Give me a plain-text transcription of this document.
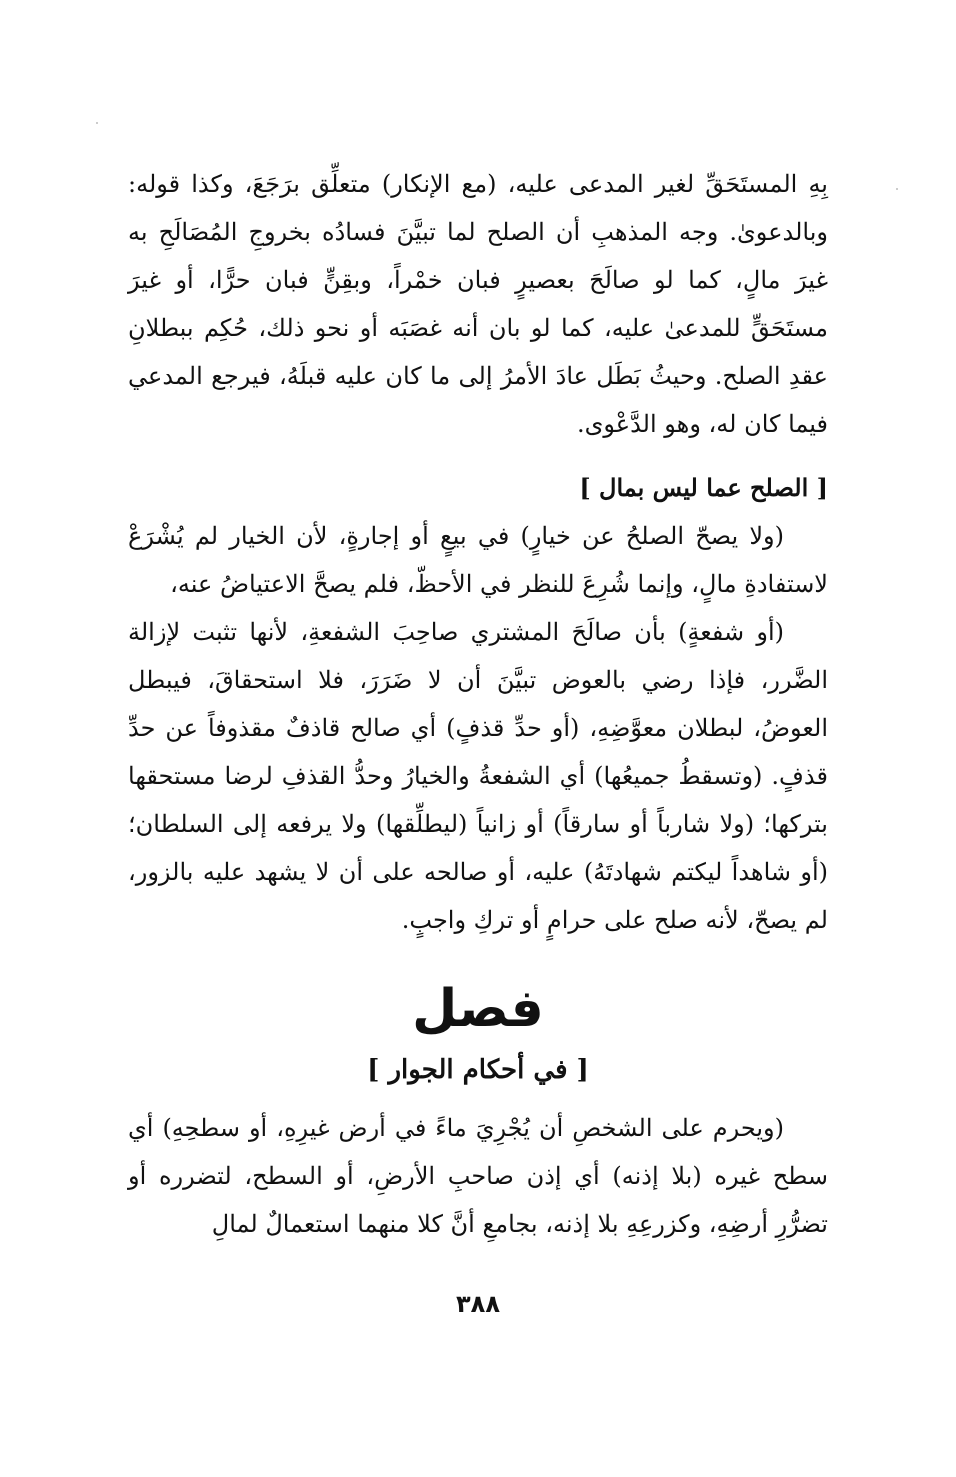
بِهِ المستَحَقِّ لغير المدعى عليه، (مع الإنكار) متعلِّق برَجَعَ، وكذا قوله: وبالدعوىٰ. وجه المذهبِ أن الصلح لما تبيَّنَ فسادُه بخروجِ المُصَالَحِ به غيرَ مالٍ، كما لو صالَحَ بعصيرٍ فبان خمْراً، وبقِنٍّ فبان حرًّا، أو غيرَ مستَحَقٍّ للمدعىٰ عليه، كما لو بان أنه غصَبَه أو نحو ذلك، حُكِم ببطلانِ عقدِ الصلح. وحيثُ بَطَل عادَ الأمرُ إلى ما كان عليه قبلَهُ، فيرجع المدعي فيما كان له، وهو الدَّعْوى.

[ الصلح عما ليس بمال ]

(ولا يصحّ الصلحُ عن خيارٍ) في بيعٍ أو إجارةٍ، لأن الخيار لم يُشْرَعْ لاستفادةِ مالٍ، وإنما شُرِعَ للنظر في الأحظّ، فلم يصحَّ الاعتياضُ عنه،

(أو شفعةٍ) بأن صالَحَ المشتري صاحِبَ الشفعةِ، لأنها تثبت لإزالة الضَّرر، فإذا رضي بالعوض تبيَّنَ أن لا ضَرَرَ، فلا استحقاقَ، فيبطل العوضُ، لبطلان معوَّضِهِ، (أو حدِّ قذفٍ) أي صالح قاذفٌ مقذوفاً عن حدِّ قذفٍ. (وتسقطُ جميعُها) أي الشفعةُ والخيارُ وحدُّ القذفِ لرضا مستحقها بتركها؛ (ولا شارباً أو سارقاً) أو زانياً (ليطلِّقها) ولا يرفعه إلى السلطان؛ (أو شاهداً ليكتم شهادتَهُ) عليه، أو صالحه على أن لا يشهد عليه بالزور، لم يصحّ، لأنه صلح على حرامٍ أو تركِ واجبٍ.

فصل
[ في أحكام الجوار ]

(ويحرم على الشخصِ أن يُجْرِيَ ماءً في أرض غيرِهِ، أو سطحِهِ) أي سطح غيره (بلا إذنه) أي إذن صاحبِ الأرضِ، أو السطح، لتضرره أو تضرُّرِ أرضِهِ، وكزرعِهِ بلا إذنه، بجامعِ أنَّ كلا منهما استعمالٌ لمالِ

٣٨٨
